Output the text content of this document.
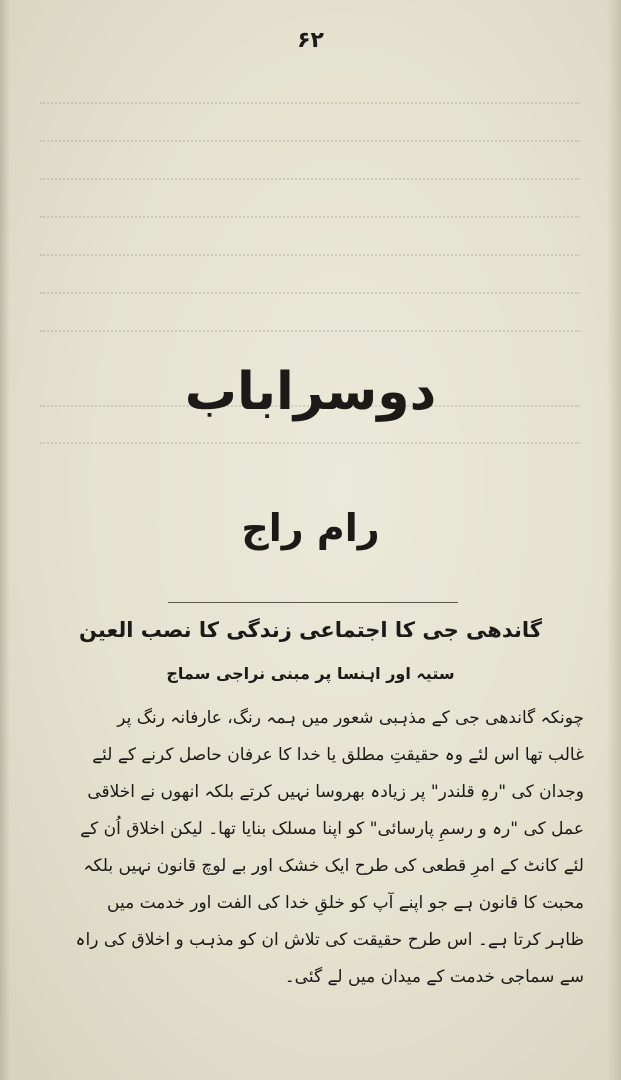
۶۲
دوسراباب
رام راج
گاندھی جی کا اجتماعی زندگی کا نصب العین
ستیہ اور اہنسا پر مبنی نراجی سماج
چونکہ گاندھی جی کے مذہبی شعور میں ہمہ رنگ، عارفانہ رنگ پر
غالب تھا اس لئے وہ حقیقتِ مطلق یا خدا کا عرفان حاصل کرنے کے لئے
وجدان کی "رہِ قلندر" پر زیادہ بھروسا نہیں کرتے بلکہ انھوں نے اخلاقی
عمل کی "رہ و رسمِ پارسائی" کو اپنا مسلک بنایا تھا۔ لیکن اخلاق اُن کے
لئے کانٹ کے امرِ قطعی کی طرح ایک خشک اور بے لوچ قانون نہیں بلکہ
محبت کا قانون ہے جو اپنے آپ کو خلقِ خدا کی الفت اور خدمت میں
ظاہر کرتا ہے۔ اس طرح حقیقت کی تلاش ان کو مذہب و اخلاق کی راہ
سے سماجی خدمت کے میدان میں لے گئی۔
